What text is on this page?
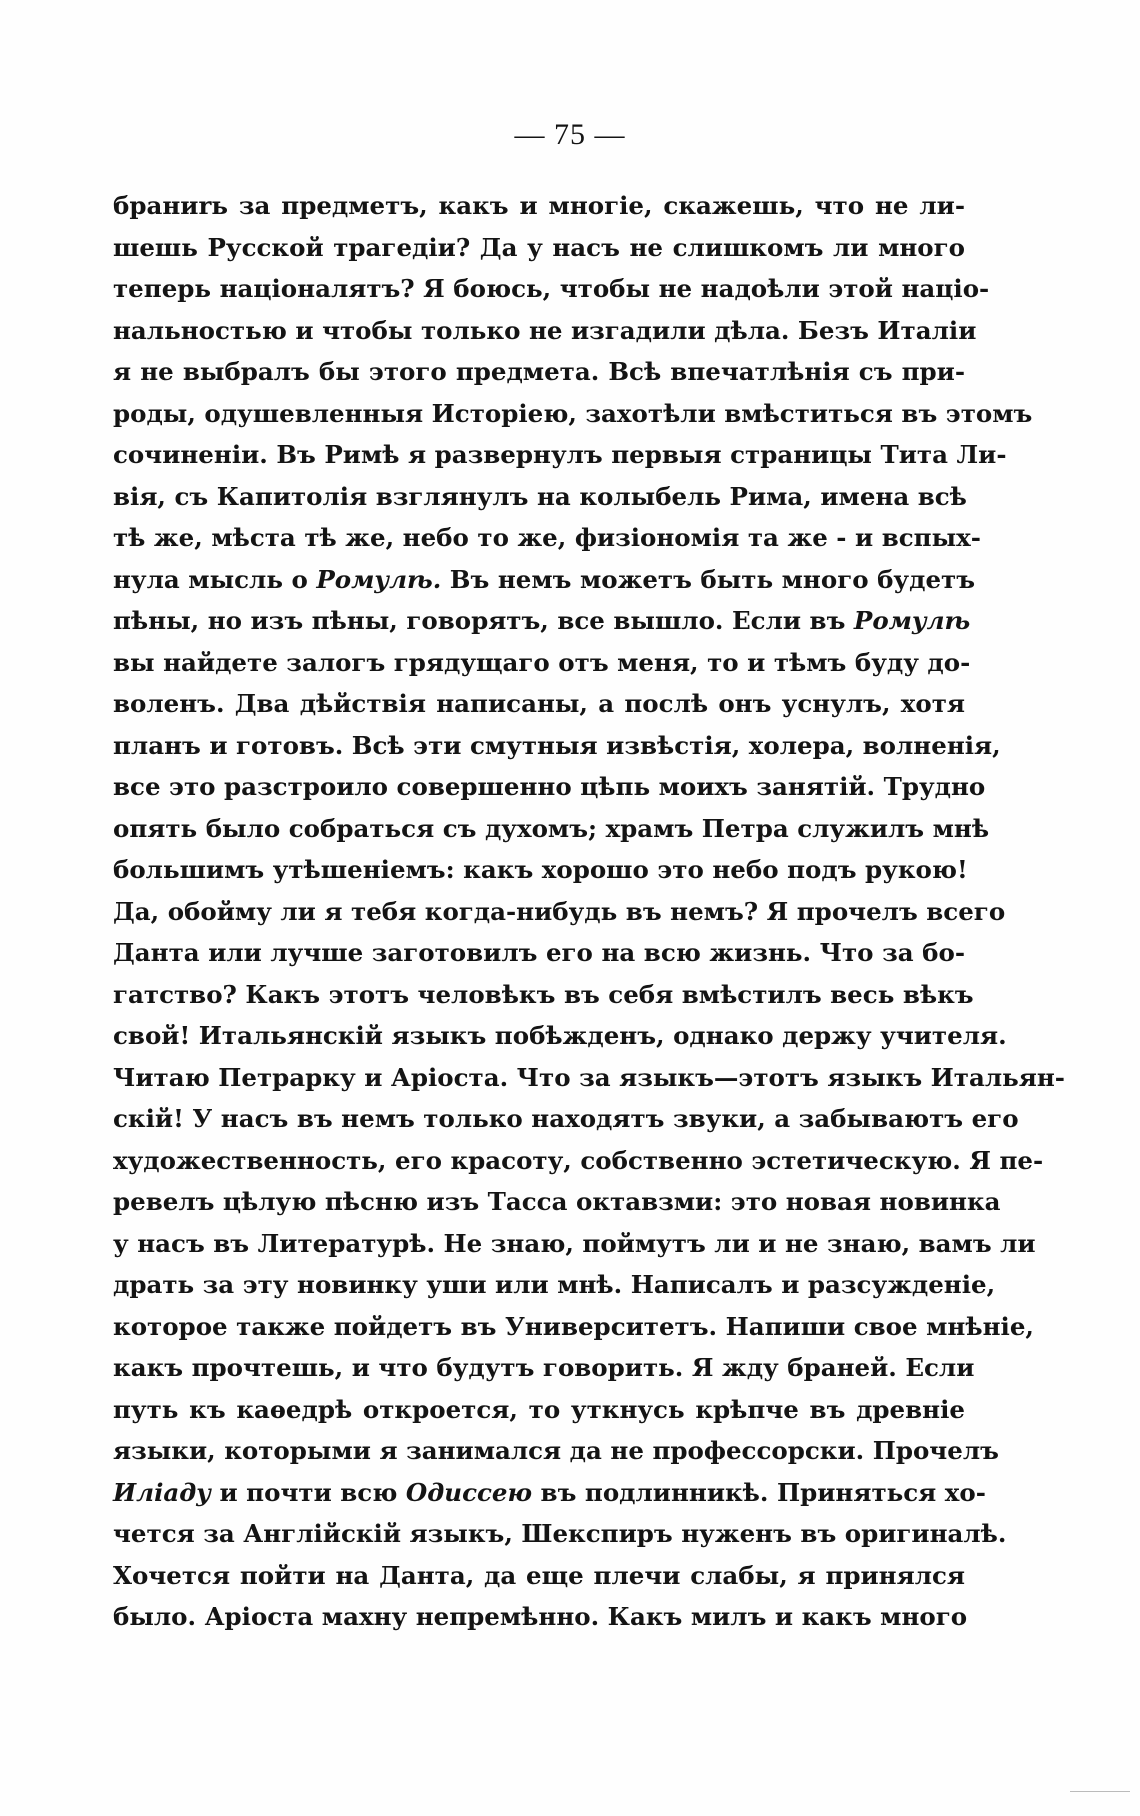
— 75 —
браниrь за предметъ, какъ и многіе, скажешь, что не ли-
шешь Русской трагедіи? Да у насъ не слишкомъ ли много
теперь націоналятъ? Я боюсь, чтобы не надоѣли этой націо-
нальностью и чтобы только не изгадили дѣла. Безъ Италіи
я не выбралъ бы этого предмета. Всѣ впечатлѣнія съ при-
роды, одушевленныя Исторіею, захотѣли вмѣститься въ этомъ
сочиненіи. Въ Римѣ я развернулъ первыя страницы Тита Ли-
вія, съ Капитолія взглянулъ на колыбель Рима, имена всѣ
тѣ же, мѣста тѣ же, небо то же, физіономія та же - и вспых-
нула мысль о Ромулѣ. Въ немъ можетъ быть много будетъ
пѣны, но изъ пѣны, говорятъ, все вышло. Если въ Ромулѣ
вы найдете залогъ грядущаго отъ меня, то и тѣмъ буду до-
воленъ. Два дѣйствія написаны, а послѣ онъ уснулъ, хотя
планъ и готовъ. Всѣ эти смутныя извѣстія, холера, волненія,
все это разстроило совершенно цѣпь моихъ занятій. Трудно
опять было собраться съ духомъ; храмъ Петра служилъ мнѣ
большимъ утѣшеніемъ: какъ хорошо это небо подъ рукою!
Да, обойму ли я тебя когда-нибудь въ немъ? Я прочелъ всего
Данта или лучше заготовилъ его на всю жизнь. Что за бо-
гатство? Какъ этотъ человѣкъ въ себя вмѣстилъ весь вѣкъ
свой! Итальянскій языкъ побѣжденъ, однако держу учителя.
Читаю Петрарку и Аріоста. Что за языкъ—этотъ языкъ Итальян-
скій! У насъ въ немъ только находятъ звуки, а забываютъ его
художественность, его красоту, собственно эстетическую. Я пе-
ревелъ цѣлую пѣсню изъ Тасса октавзми: это новая новинка
у насъ въ Литературѣ. Не знаю, поймутъ ли и не знаю, вамъ ли
драть за эту новинку уши или мнѣ. Написалъ и разсужденіе,
которое также пойдетъ въ Университетъ. Напиши свое мнѣніе,
какъ прочтешь, и что будутъ говорить. Я жду браней. Если
путь къ каѳедрѣ откроется, то уткнусь крѣпче въ древніе
языки, которыми я занимался да не профессорски. Прочелъ
Иліаду и почти всю Одиссею въ подлинникѣ. Приняться хо-
чется за Англійскій языкъ, Шекспиръ нуженъ въ оригиналѣ.
Хочется пойти на Данта, да еще плечи слабы, я принялся
было. Аріоста махну непремѣнно. Какъ милъ и какъ много
